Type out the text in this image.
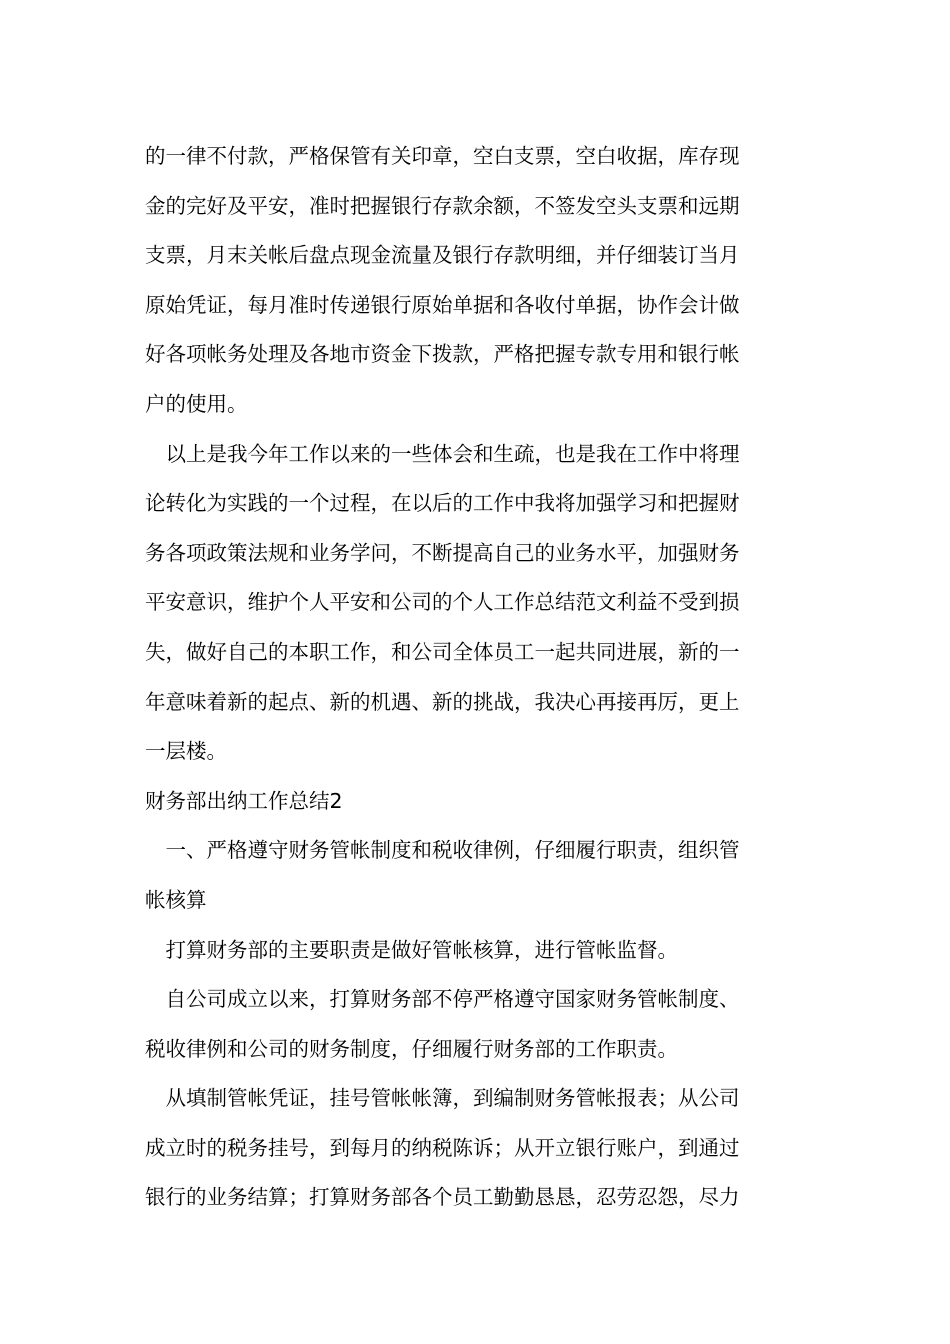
的一律不付款，严格保管有关印章，空白支票，空白收据，库存现
金的完好及平安，准时把握银行存款余额，不签发空头支票和远期
支票，月末关帐后盘点现金流量及银行存款明细，并仔细装订当月
原始凭证，每月准时传递银行原始单据和各收付单据，协作会计做
好各项帐务处理及各地市资金下拨款，严格把握专款专用和银行帐
户的使用。
　以上是我今年工作以来的一些体会和生疏，也是我在工作中将理
论转化为实践的一个过程，在以后的工作中我将加强学习和把握财
务各项政策法规和业务学问，不断提高自己的业务水平，加强财务
平安意识，维护个人平安和公司的个人工作总结范文利益不受到损
失，做好自己的本职工作，和公司全体员工一起共同进展，新的一
年意味着新的起点、新的机遇、新的挑战，我决心再接再厉，更上
一层楼。
财务部出纳工作总结2
　一、严格遵守财务管帐制度和税收律例，仔细履行职责，组织管
帐核算
　打算财务部的主要职责是做好管帐核算，进行管帐监督。
　自公司成立以来，打算财务部不停严格遵守国家财务管帐制度、
税收律例和公司的财务制度，仔细履行财务部的工作职责。
　从填制管帐凭证，挂号管帐帐簿，到编制财务管帐报表；从公司
成立时的税务挂号，到每月的纳税陈诉；从开立银行账户，到通过
银行的业务结算；打算财务部各个员工勤勤恳恳，忍劳忍怨，尽力
